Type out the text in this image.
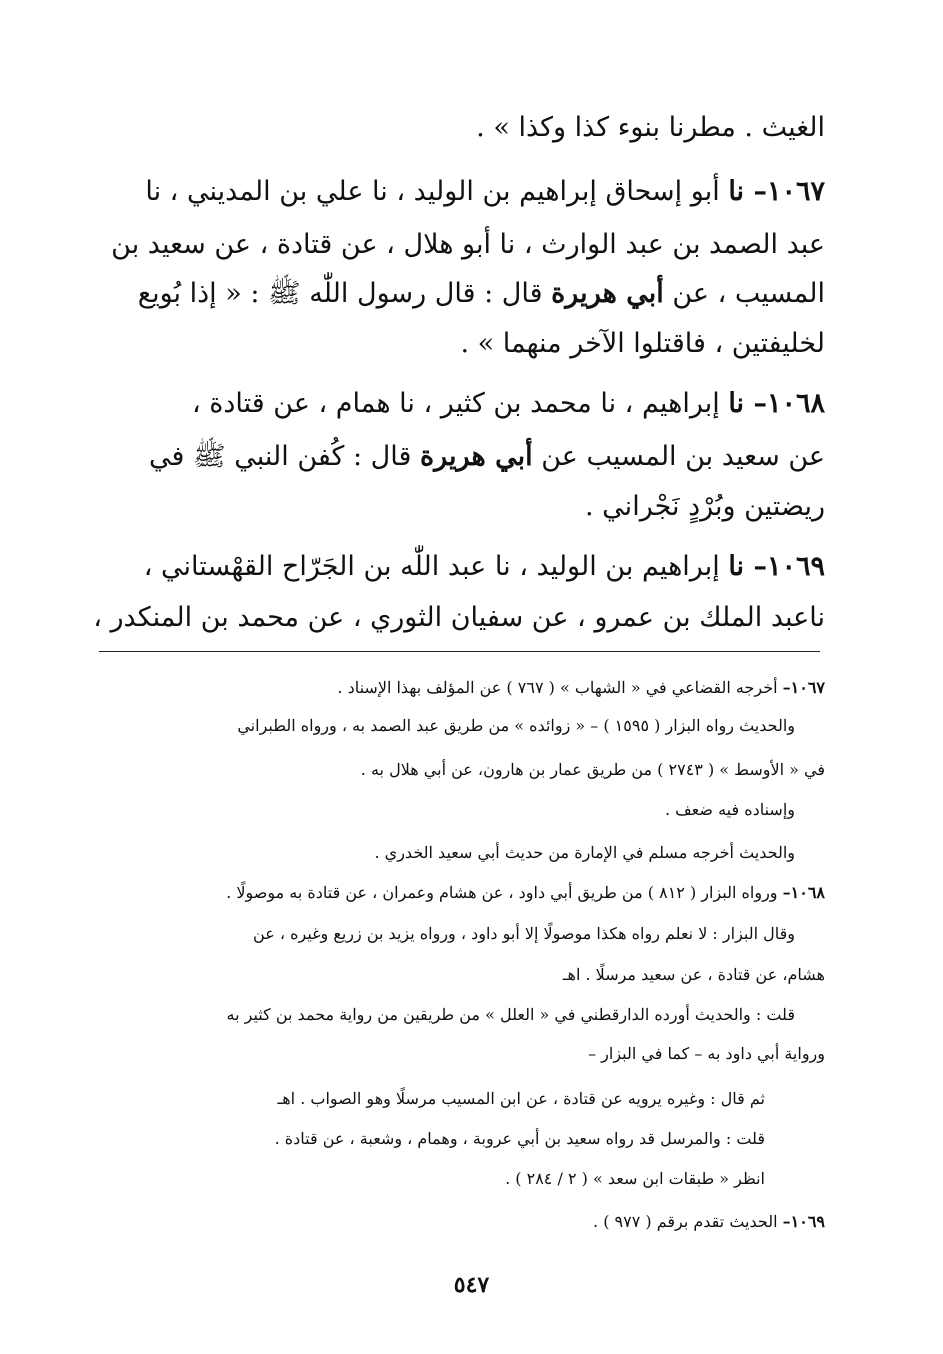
الغيث . مطرنا بنوء كذا وكذا » .
١٠٦٧– نا أبو إسحاق إبراهيم بن الوليد ، نا علي بن المديني ، نا
عبد الصمد بن عبد الوارث ، نا أبو هلال ، عن قتادة ، عن سعيد بن
المسيب ، عن أبي هريرة قال : قال رسول اللّٰه ﷺ : « إذا بُويع
لخليفتين ، فاقتلوا الآخر منهما » .
١٠٦٨– نا إبراهيم ، نا محمد بن كثير ، نا همام ، عن قتادة ،
عن سعيد بن المسيب عن أبي هريرة قال : كُفن النبي ﷺ في
ريضتين وبُرْدٍ نَجْراني .
١٠٦٩– نا إبراهيم بن الوليد ، نا عبد اللّٰه بن الجَرّاح القهْستاني ،
ناعبد الملك بن عمرو ، عن سفيان الثوري ، عن محمد بن المنكدر ،
١٠٦٧– أخرجه القضاعي في « الشهاب » ( ٧٦٧ ) عن المؤلف بهذا الإسناد .
والحديث رواه البزار ( ١٥٩٥ ) – « زوائده » من طريق عبد الصمد به ، ورواه الطبراني
في « الأوسط » ( ٢٧٤٣ ) من طريق عمار بن هارون، عن أبي هلال به .
وإسناده فيه ضعف .
والحديث أخرجه مسلم في الإمارة من حديث أبي سعيد الخدري .
١٠٦٨– ورواه البزار ( ٨١٢ ) من طريق أبي داود ، عن هشام وعمران ، عن قتادة به موصولًا .
وقال البزار : لا نعلم رواه هكذا موصولًا إلا أبو داود ، ورواه يزيد بن زريع وغيره ، عن
هشام، عن قتادة ، عن سعيد مرسلًا . اهـ
قلت : والحديث أورده الدارقطني في « العلل » من طريقين من رواية محمد بن كثير به
ورواية أبي داود به – كما في البزار –
ثم قال : وغيره يرويه عن قتادة ، عن ابن المسيب مرسلًا وهو الصواب . اهـ
قلت : والمرسل قد رواه سعيد بن أبي عروبة ، وهمام ، وشعبة ، عن قتادة .
انظر « طبقات ابن سعد » ( ٢ / ٢٨٤ ) .
١٠٦٩– الحديث تقدم برقم ( ٩٧٧ ) .
٥٤٧
